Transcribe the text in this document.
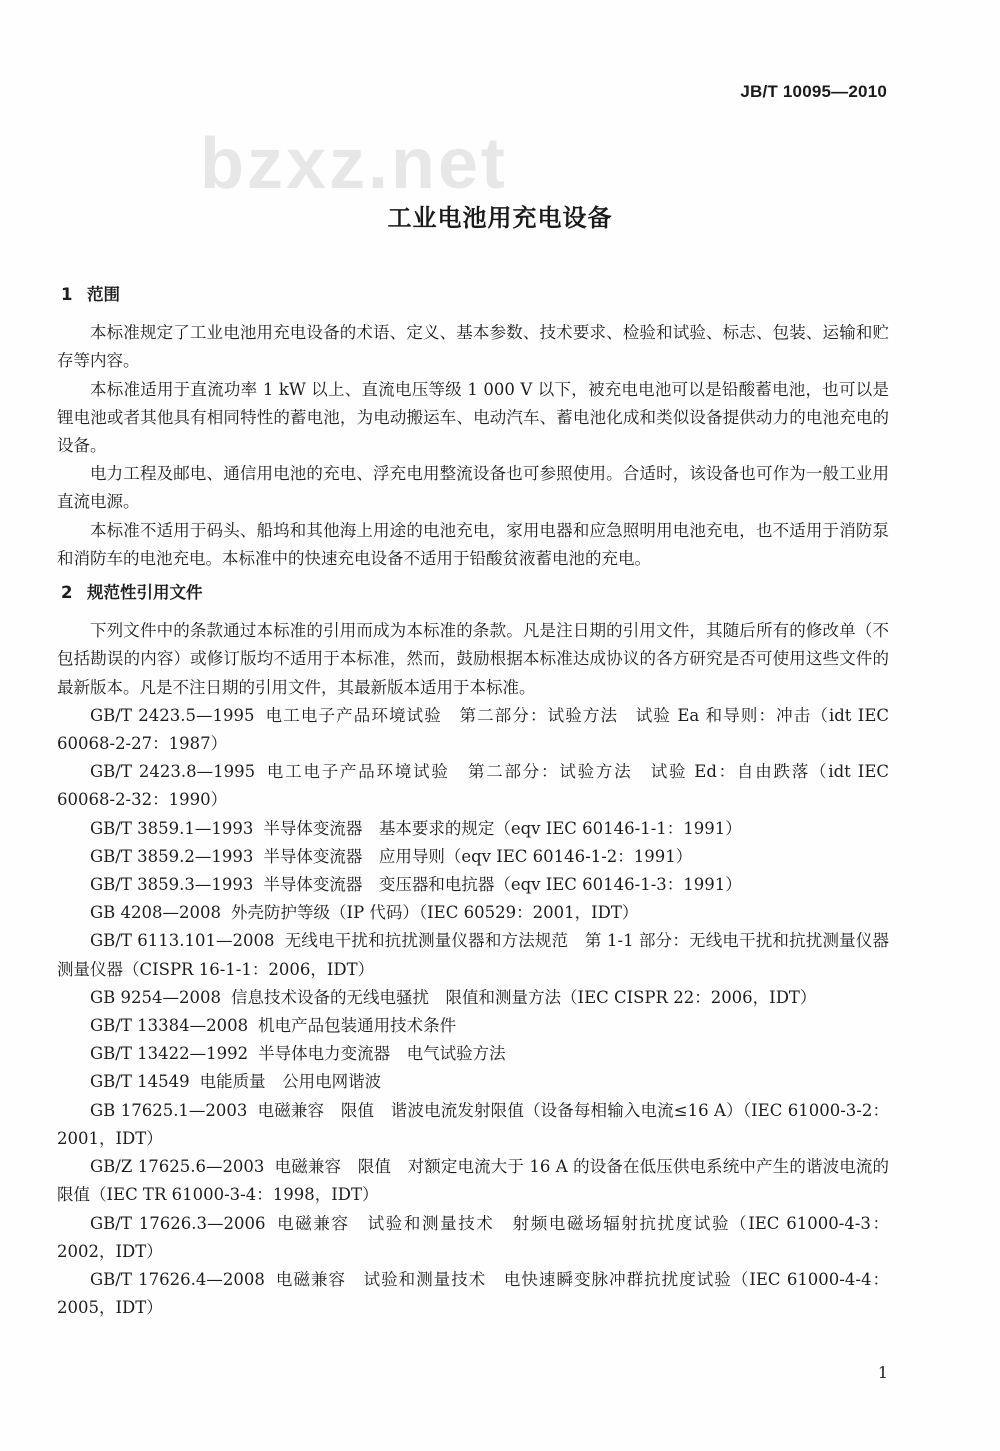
JB/T 10095—2010
bzxz.net
工业电池用充电设备
1 范围

本标准规定了工业电池用充电设备的术语、定义、基本参数、技术要求、检验和试验、标志、包装、运输和贮存等内容。

本标准适用于直流功率 1 kW 以上、直流电压等级 1 000 V 以下，被充电电池可以是铅酸蓄电池，也可以是锂电池或者其他具有相同特性的蓄电池，为电动搬运车、电动汽车、蓄电池化成和类似设备提供动力的电池充电的设备。

电力工程及邮电、通信用电池的充电、浮充电用整流设备也可参照使用。合适时，该设备也可作为一般工业用直流电源。

本标准不适用于码头、船坞和其他海上用途的电池充电，家用电器和应急照明用电池充电，也不适用于消防泵和消防车的电池充电。本标准中的快速充电设备不适用于铅酸贫液蓄电池的充电。

2 规范性引用文件

下列文件中的条款通过本标准的引用而成为本标准的条款。凡是注日期的引用文件，其随后所有的修改单（不包括勘误的内容）或修订版均不适用于本标准，然而，鼓励根据本标准达成协议的各方研究是否可使用这些文件的最新版本。凡是不注日期的引用文件，其最新版本适用于本标准。

GB/T 2423.5—1995 电工电子产品环境试验　第二部分：试验方法　试验 Ea 和导则：冲击（idt IEC 60068-2-27：1987）

GB/T 2423.8—1995 电工电子产品环境试验　第二部分：试验方法　试验 Ed：自由跌落（idt IEC 60068-2-32：1990）

GB/T 3859.1—1993 半导体变流器　基本要求的规定（eqv IEC 60146-1-1：1991）

GB/T 3859.2—1993 半导体变流器　应用导则（eqv IEC 60146-1-2：1991）

GB/T 3859.3—1993 半导体变流器　变压器和电抗器（eqv IEC 60146-1-3：1991）

GB 4208—2008 外壳防护等级（IP 代码）（IEC 60529：2001，IDT）

GB/T 6113.101—2008 无线电干扰和抗扰测量仪器和方法规范　第 1-1 部分：无线电干扰和抗扰测量仪器　测量仪器（CISPR 16-1-1：2006，IDT）

GB 9254—2008 信息技术设备的无线电骚扰　限值和测量方法（IEC CISPR 22：2006，IDT）

GB/T 13384—2008 机电产品包装通用技术条件

GB/T 13422—1992 半导体电力变流器　电气试验方法

GB/T 14549 电能质量　公用电网谐波

GB 17625.1—2003 电磁兼容　限值　谐波电流发射限值（设备每相输入电流≤16 A）（IEC 61000-3-2：2001，IDT）

GB/Z 17625.6—2003 电磁兼容　限值　对额定电流大于 16 A 的设备在低压供电系统中产生的谐波电流的限值（IEC TR 61000-3-4：1998，IDT）

GB/T 17626.3—2006 电磁兼容　试验和测量技术　射频电磁场辐射抗扰度试验（IEC 61000-4-3：2002，IDT）

GB/T 17626.4—2008 电磁兼容　试验和测量技术　电快速瞬变脉冲群抗扰度试验（IEC 61000-4-4：2005，IDT）

1
